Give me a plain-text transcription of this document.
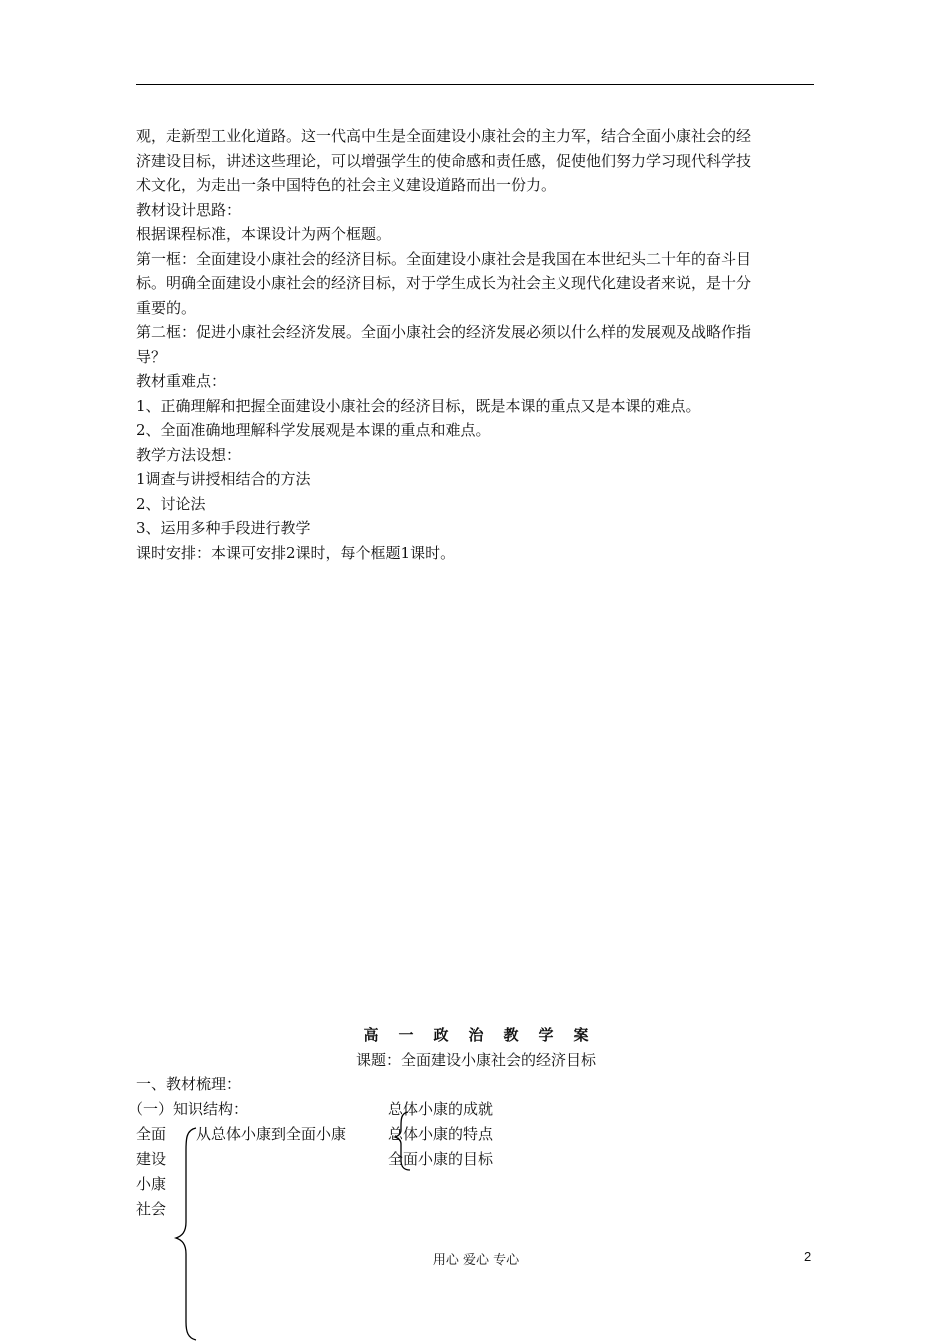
观，走新型工业化道路。这一代高中生是全面建设小康社会的主力军，结合全面小康社会的经

济建设目标，讲述这些理论，可以增强学生的使命感和责任感，促使他们努力学习现代科学技

术文化，为走出一条中国特色的社会主义建设道路而出一份力。

教材设计思路：

根据课程标准，本课设计为两个框题。

第一框：全面建设小康社会的经济目标。全面建设小康社会是我国在本世纪头二十年的奋斗目

标。明确全面建设小康社会的经济目标，对于学生成长为社会主义现代化建设者来说，是十分

重要的。

第二框：促进小康社会经济发展。全面小康社会的经济发展必须以什么样的发展观及战略作指

导？

教材重难点：

1、正确理解和把握全面建设小康社会的经济目标，既是本课的重点又是本课的难点。

2、全面准确地理解科学发展观是本课的重点和难点。

教学方法设想：

1调查与讲授相结合的方法

2、讨论法

3、运用多种手段进行教学

课时安排：本课可安排2课时，每个框题1课时。

高一政治教学案
课题：全面建设小康社会的经济目标
一、教材梳理：
（一）知识结构：
全面
建设
小康
社会
从总体小康到全面小康
总体小康的成就
总体小康的特点
全面小康的目标
用心 爱心 专心	2
